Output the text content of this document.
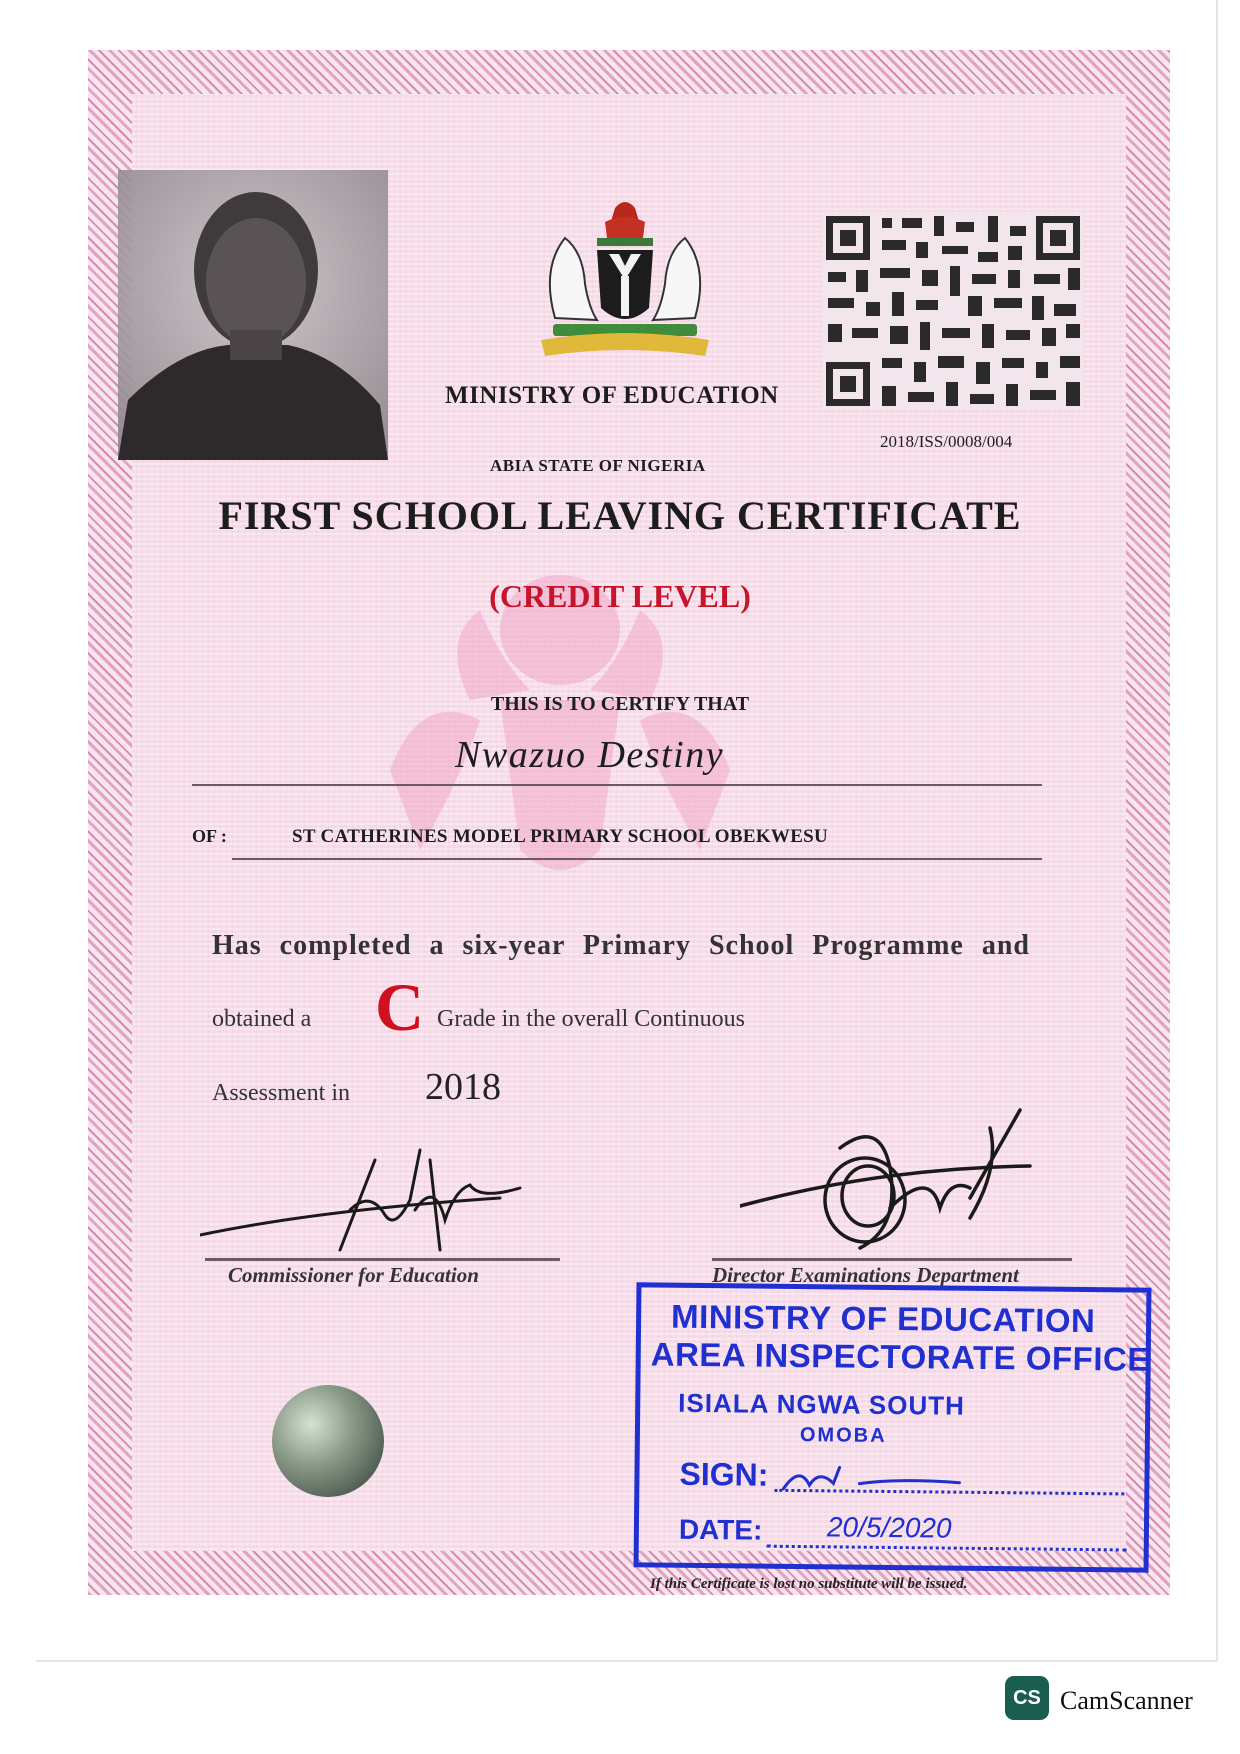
MINISTRY OF EDUCATION
2018/ISS/0008/004
ABIA STATE OF NIGERIA
FIRST SCHOOL LEAVING CERTIFICATE
(CREDIT LEVEL)
THIS IS TO CERTIFY THAT
Nwazuo Destiny
OF :	ST CATHERINES MODEL PRIMARY SCHOOL OBEKWESU
Has completed a six-year Primary School Programme and
obtained a C Grade in the overall Continuous
Assessment in 2018
Commissioner for Education	Director Examinations Department
MINISTRY OF EDUCATION
AREA INSPECTORATE OFFICE
ISIALA NGWA SOUTH
OMOBA
SIGN:
DATE: 20/5/2020
If this Certificate is lost no substitute will be issued.
CS CamScanner
